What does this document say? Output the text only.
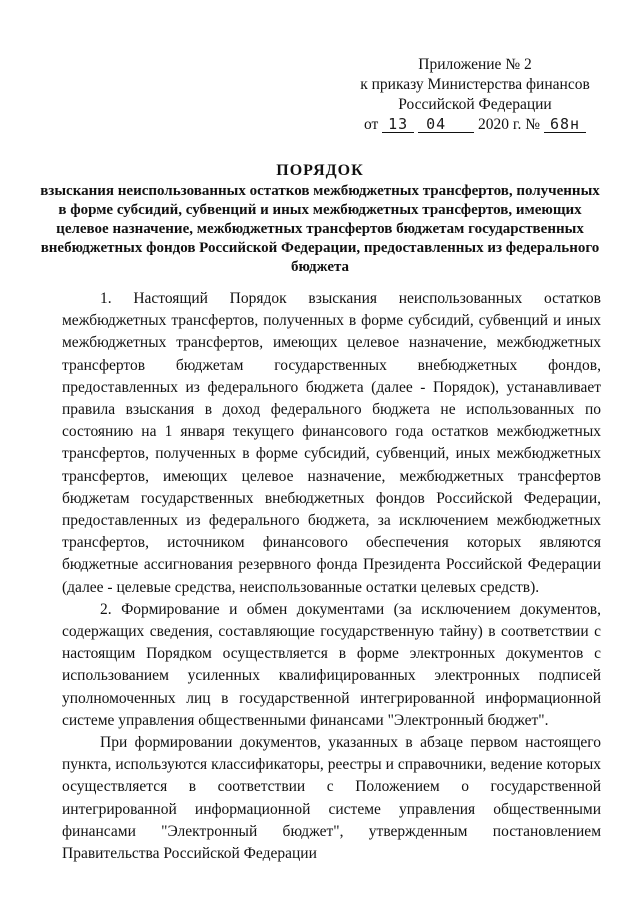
Приложение № 2
к приказу Министерства финансов
Российской Федерации
от 13 04 2020 г. № 68н
ПОРЯДОК
взыскания неиспользованных остатков межбюджетных трансфертов, полученных в форме субсидий, субвенций и иных межбюджетных трансфертов, имеющих целевое назначение, межбюджетных трансфертов бюджетам государственных внебюджетных фондов Российской Федерации, предоставленных из федерального бюджета

1. Настоящий Порядок взыскания неиспользованных остатков межбюджетных трансфертов, полученных в форме субсидий, субвенций и иных межбюджетных трансфертов, имеющих целевое назначение, межбюджетных трансфертов бюджетам государственных внебюджетных фондов, предоставленных из федерального бюджета (далее - Порядок), устанавливает правила взыскания в доход федерального бюджета не использованных по состоянию на 1 января текущего финансового года остатков межбюджетных трансфертов, полученных в форме субсидий, субвенций, иных межбюджетных трансфертов, имеющих целевое назначение, межбюджетных трансфертов бюджетам государственных внебюджетных фондов Российской Федерации, предоставленных из федерального бюджета, за исключением межбюджетных трансфертов, источником финансового обеспечения которых являются бюджетные ассигнования резервного фонда Президента Российской Федерации (далее - целевые средства, неиспользованные остатки целевых средств).

2. Формирование и обмен документами (за исключением документов, содержащих сведения, составляющие государственную тайну) в соответствии с настоящим Порядком осуществляется в форме электронных документов с использованием усиленных квалифицированных электронных подписей уполномоченных лиц в государственной интегрированной информационной системе управления общественными финансами "Электронный бюджет".

При формировании документов, указанных в абзаце первом настоящего пункта, используются классификаторы, реестры и справочники, ведение которых осуществляется в соответствии с Положением о государственной интегрированной информационной системе управления общественными финансами "Электронный бюджет", утвержденным постановлением Правительства Российской Федерации
